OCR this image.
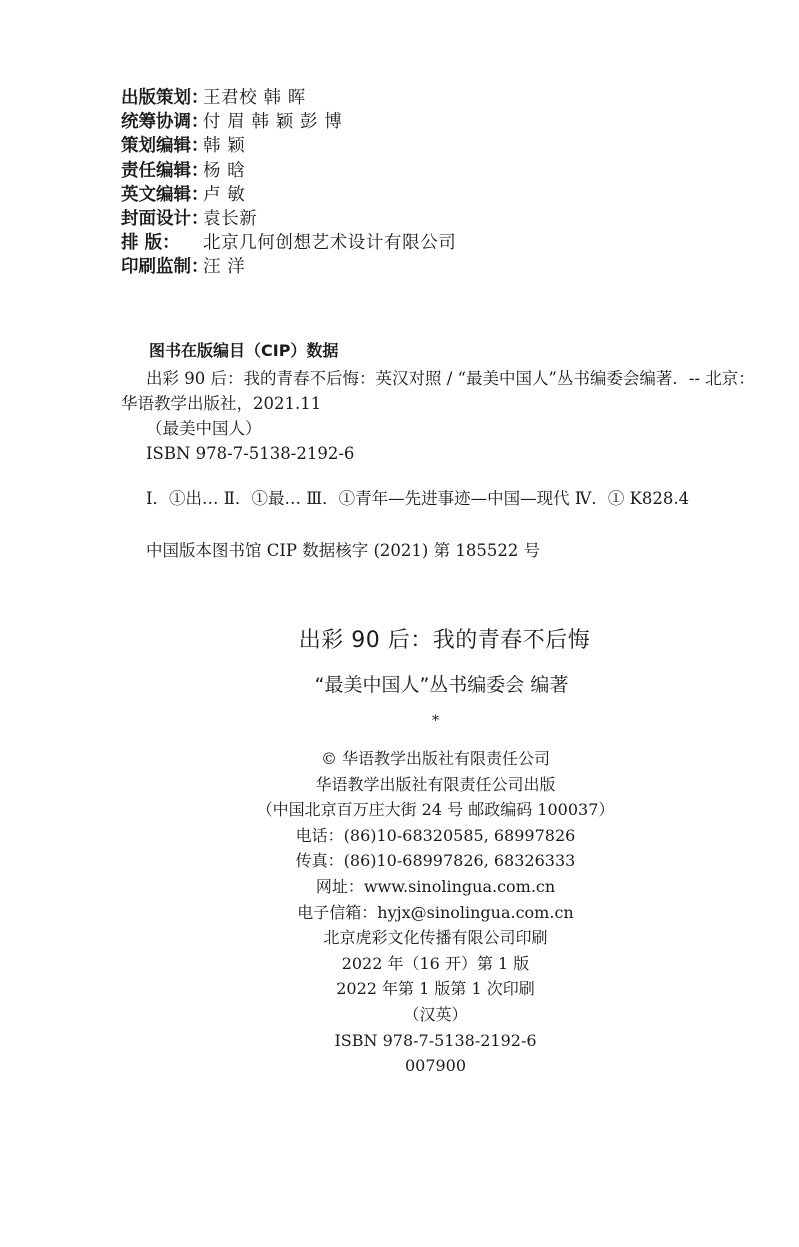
出版策划：
王君校 韩 晖
统筹协调：
付 眉 韩 颖 彭 博
策划编辑：
韩 颖
责任编辑：
杨 晗
英文编辑：
卢 敏
封面设计：
袁长新
排 版：	北京几何创想艺术设计有限公司
印刷监制：
汪 洋
图书在版编目（CIP）数据
出彩 90 后：我的青春不后悔：英汉对照 / “最美中国人”丛书编委会编著．-- 北京：
华语教学出版社，2021.11
（最美中国人）
ISBN 978-7-5138-2192-6
Ⅰ．①出… Ⅱ．①最… Ⅲ．①青年—先进事迹—中国—现代 Ⅳ．① K828.4
中国版本图书馆 CIP 数据核字 (2021) 第 185522 号
出彩 90 后：我的青春不后悔
“最美中国人”丛书编委会 编著
*
© 华语教学出版社有限责任公司
华语教学出版社有限责任公司出版
（中国北京百万庄大街 24 号 邮政编码 100037）
电话：(86)10-68320585, 68997826
传真：(86)10-68997826, 68326333
网址：www.sinolingua.com.cn
电子信箱：hyjx@sinolingua.com.cn
北京虎彩文化传播有限公司印刷
2022 年（16 开）第 1 版
2022 年第 1 版第 1 次印刷
（汉英）
ISBN 978-7-5138-2192-6
007900
